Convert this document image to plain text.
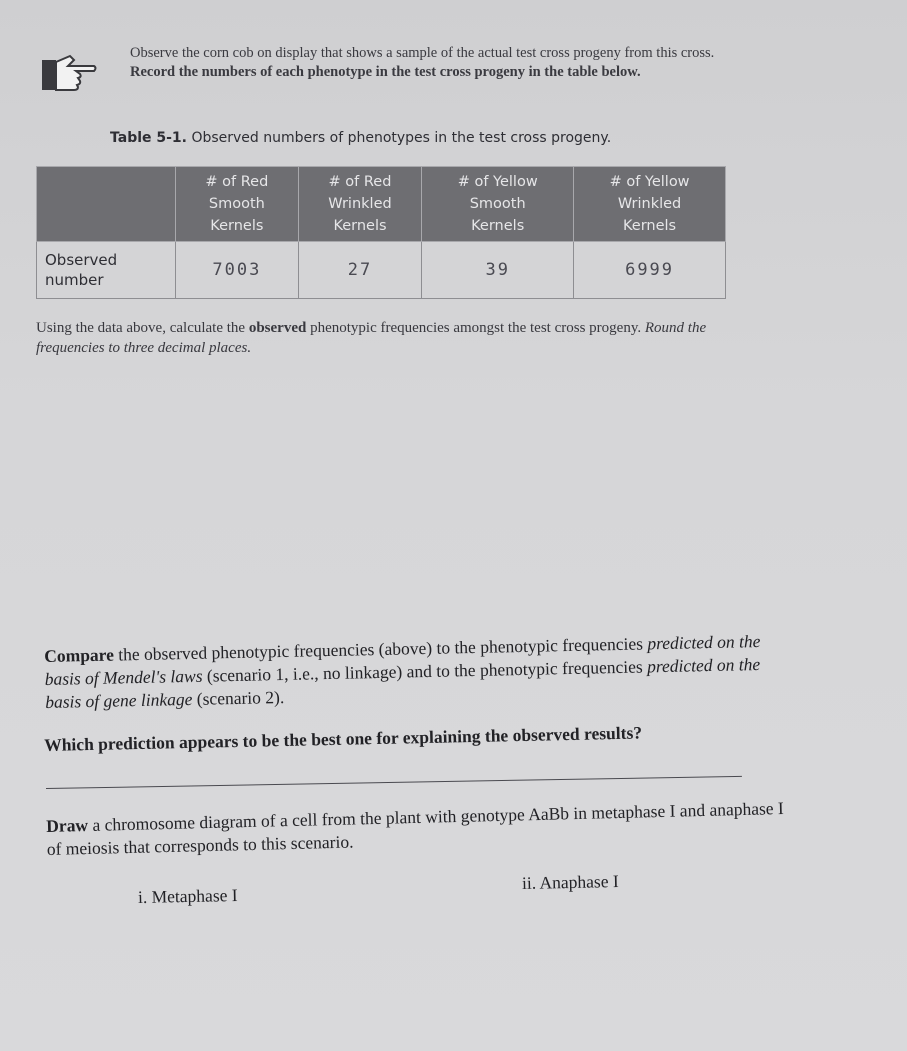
Observe the corn cob on display that shows a sample of the actual test cross progeny from this cross. Record the numbers of each phenotype in the test cross progeny in the table below.
Table 5-1. Observed numbers of phenotypes in the test cross progeny.
	# of Red
Smooth
Kernels	# of Red
Wrinkled
Kernels	# of Yellow
Smooth
Kernels	# of Yellow
Wrinkled
Kernels
Observed
number	7003	27	39	6999
Using the data above, calculate the observed phenotypic frequencies amongst the test cross progeny. Round the frequencies to three decimal places.
Compare the observed phenotypic frequencies (above) to the phenotypic frequencies predicted on the basis of Mendel's laws (scenario 1, i.e., no linkage) and to the phenotypic frequencies predicted on the basis of gene linkage (scenario 2).
Which prediction appears to be the best one for explaining the observed results?
Draw a chromosome diagram of a cell from the plant with genotype AaBb in metaphase I and anaphase I of meiosis that corresponds to this scenario.
i. Metaphase I
ii. Anaphase I
